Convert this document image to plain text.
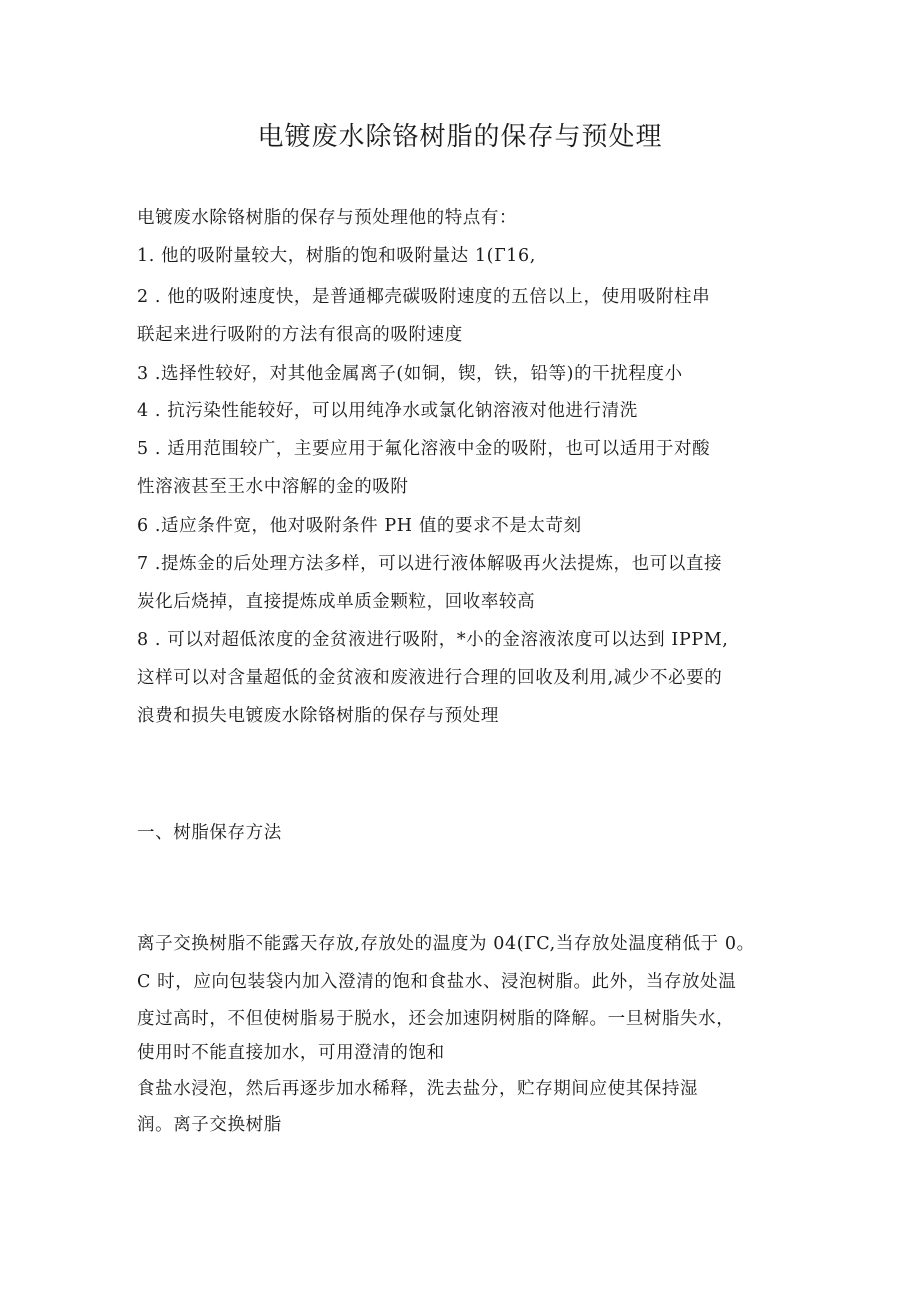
电镀废水除铬树脂的保存与预处理
电镀废水除铬树脂的保存与预处理他的特点有：
1. 他的吸附量较大，树脂的饱和吸附量达 1(Г16,
2 . 他的吸附速度快，是普通椰壳碳吸附速度的五倍以上，使用吸附柱串
联起来进行吸附的方法有很高的吸附速度
3 .选择性较好，对其他金属离子(如铜，锲，铁，铅等)的干扰程度小
4 . 抗污染性能较好，可以用纯净水或氯化钠溶液对他进行清洗
5 . 适用范围较广，主要应用于氟化溶液中金的吸附，也可以适用于对酸
性溶液甚至王水中溶解的金的吸附
6 .适应条件宽，他对吸附条件 PH 值的要求不是太苛刻
7 .提炼金的后处理方法多样，可以进行液体解吸再火法提炼，也可以直接
炭化后烧掉，直接提炼成单质金颗粒，回收率较高
8 . 可以对超低浓度的金贫液进行吸附，*小的金溶液浓度可以达到 IPPM,
这样可以对含量超低的金贫液和废液进行合理的回收及利用,减少不必要的
浪费和损失电镀废水除铬树脂的保存与预处理
一、树脂保存方法
离子交换树脂不能露天存放,存放处的温度为 04(ГC,当存放处温度稍低于 0。
C 时，应向包装袋内加入澄清的饱和食盐水、浸泡树脂。此外，当存放处温
度过高时，不但使树脂易于脱水，还会加速阴树脂的降解。一旦树脂失水，
使用时不能直接加水，可用澄清的饱和
食盐水浸泡，然后再逐步加水稀释，洗去盐分，贮存期间应使其保持湿
润。离子交换树脂
